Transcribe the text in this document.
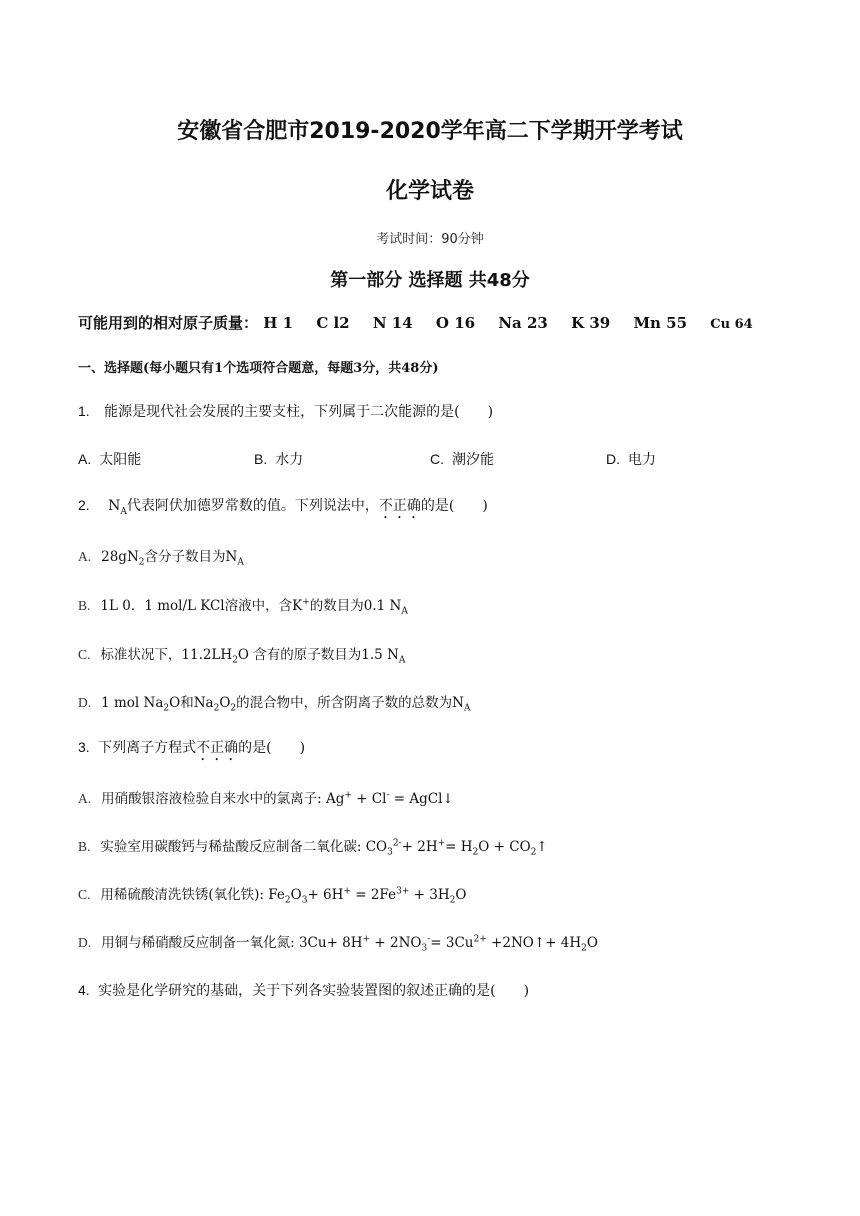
安徽省合肥市2019-2020学年高二下学期开学考试
化学试卷
考试时间：90分钟
第一部分 选择题 共48分
可能用到的相对原子质量： H 1 C l2 N 14 O 16 Na 23 K 39 Mn 55 Cu 64
一、选择题(每小题只有1个选项符合题意，每题3分，共48分)
1. 能源是现代社会发展的主要支柱，下列属于二次能源的是(　　)
A. 太阳能	B. 水力	C. 潮汐能	D. 电力
2. $N_A$代表阿伏加德罗常数的值。下列说法中，不正确的是(　　)
A. $28gN_2$含分子数目为$N_A$
B. 1L 0．1 mol/L KCl溶液中，含K+的数目为0.1 $N_A$
C. 标准状况下，$11.2LH_2O$ 含有的原子数目为1.5 $N_A$
D. 1 mol $Na_2O$和$Na_2O_2$的混合物中，所含阴离子数的总数为$N_A$
3. 下列离子方程式不正确的是(　　)
A. 用硝酸银溶液检验自来水中的氯离子: Ag+ + Cl- = AgCl↓
B. 实验室用碳酸钙与稀盐酸反应制备二氧化碳: $CO_3^{2-}+ 2H^+= H_2O$ + $CO_2↑$
C. 用稀硫酸清洗铁锈(氧化铁): $Fe_2O_3+ 6H^+ = 2Fe^{3+} + 3H_2O$
D. 用铜与稀硝酸反应制备一氧化氮: $3Cu+ 8H^+ + 2NO_3^-= 3Cu^{2+}$ +2NO↑+ $4H_2O$
4. 实验是化学研究的基础，关于下列各实验装置图的叙述正确的是(　　)
